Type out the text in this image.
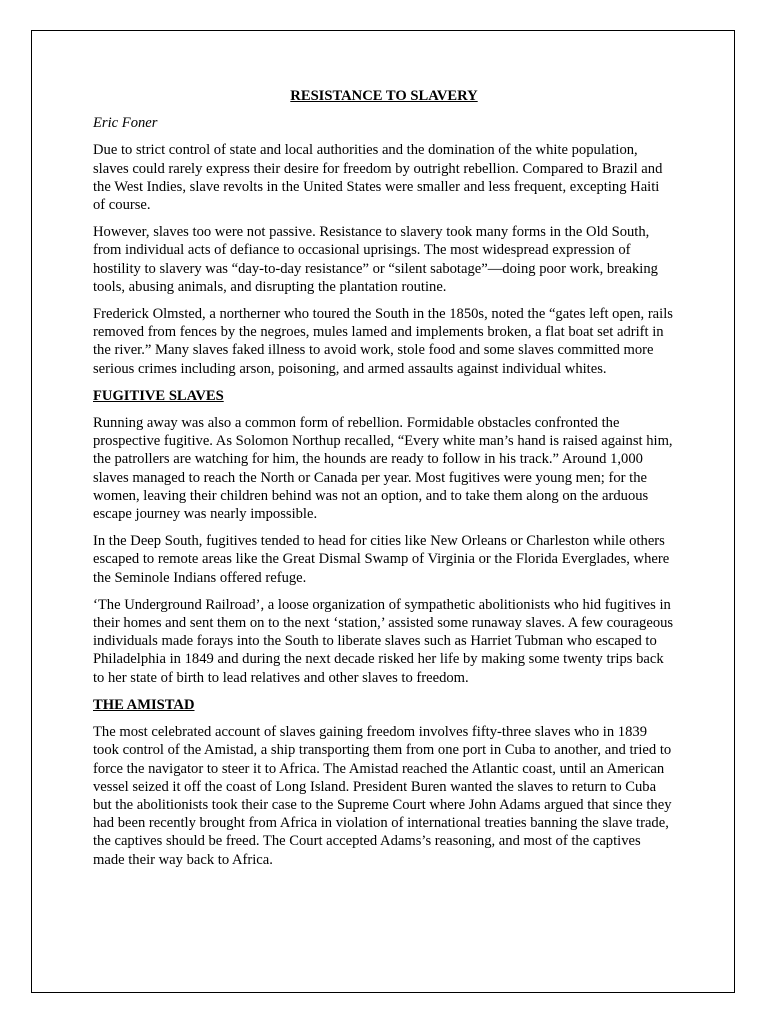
RESISTANCE TO SLAVERY

Eric Foner

Due to strict control of state and local authorities and the domination of the white population, slaves could rarely express their desire for freedom by outright rebellion. Compared to Brazil and the West Indies, slave revolts in the United States were smaller and less frequent, excepting Haiti of course.

However, slaves too were not passive. Resistance to slavery took many forms in the Old South, from individual acts of defiance to occasional uprisings. The most widespread expression of hostility to slavery was “day-to-day resistance” or “silent sabotage”—doing poor work, breaking tools, abusing animals, and disrupting the plantation routine.

Frederick Olmsted, a northerner who toured the South in the 1850s, noted the “gates left open, rails removed from fences by the negroes, mules lamed and implements broken, a flat boat set adrift in the river.” Many slaves faked illness to avoid work, stole food and some slaves committed more serious crimes including arson, poisoning, and armed assaults against individual whites.

FUGITIVE SLAVES

Running away was also a common form of rebellion. Formidable obstacles confronted the prospective fugitive. As Solomon Northup recalled, “Every white man’s hand is raised against him, the patrollers are watching for him, the hounds are ready to follow in his track.” Around 1,000 slaves managed to reach the North or Canada per year. Most fugitives were young men; for the women, leaving their children behind was not an option, and to take them along on the arduous escape journey was nearly impossible.

In the Deep South, fugitives tended to head for cities like New Orleans or Charleston while others escaped to remote areas like the Great Dismal Swamp of Virginia or the Florida Everglades, where the Seminole Indians offered refuge.

‘The Underground Railroad’, a loose organization of sympathetic abolitionists who hid fugitives in their homes and sent them on to the next ‘station,’ assisted some runaway slaves. A few courageous individuals made forays into the South to liberate slaves such as Harriet Tubman who escaped to Philadelphia in 1849 and during the next decade risked her life by making some twenty trips back to her state of birth to lead relatives and other slaves to freedom.

THE AMISTAD

The most celebrated account of slaves gaining freedom involves fifty-three slaves who in 1839 took control of the Amistad, a ship transporting them from one port in Cuba to another, and tried to force the navigator to steer it to Africa. The Amistad reached the Atlantic coast, until an American vessel seized it off the coast of Long Island. President Buren wanted the slaves to return to Cuba but the abolitionists took their case to the Supreme Court where John Adams argued that since they had been recently brought from Africa in violation of international treaties banning the slave trade, the captives should be freed. The Court accepted Adams’s reasoning, and most of the captives made their way back to Africa.
